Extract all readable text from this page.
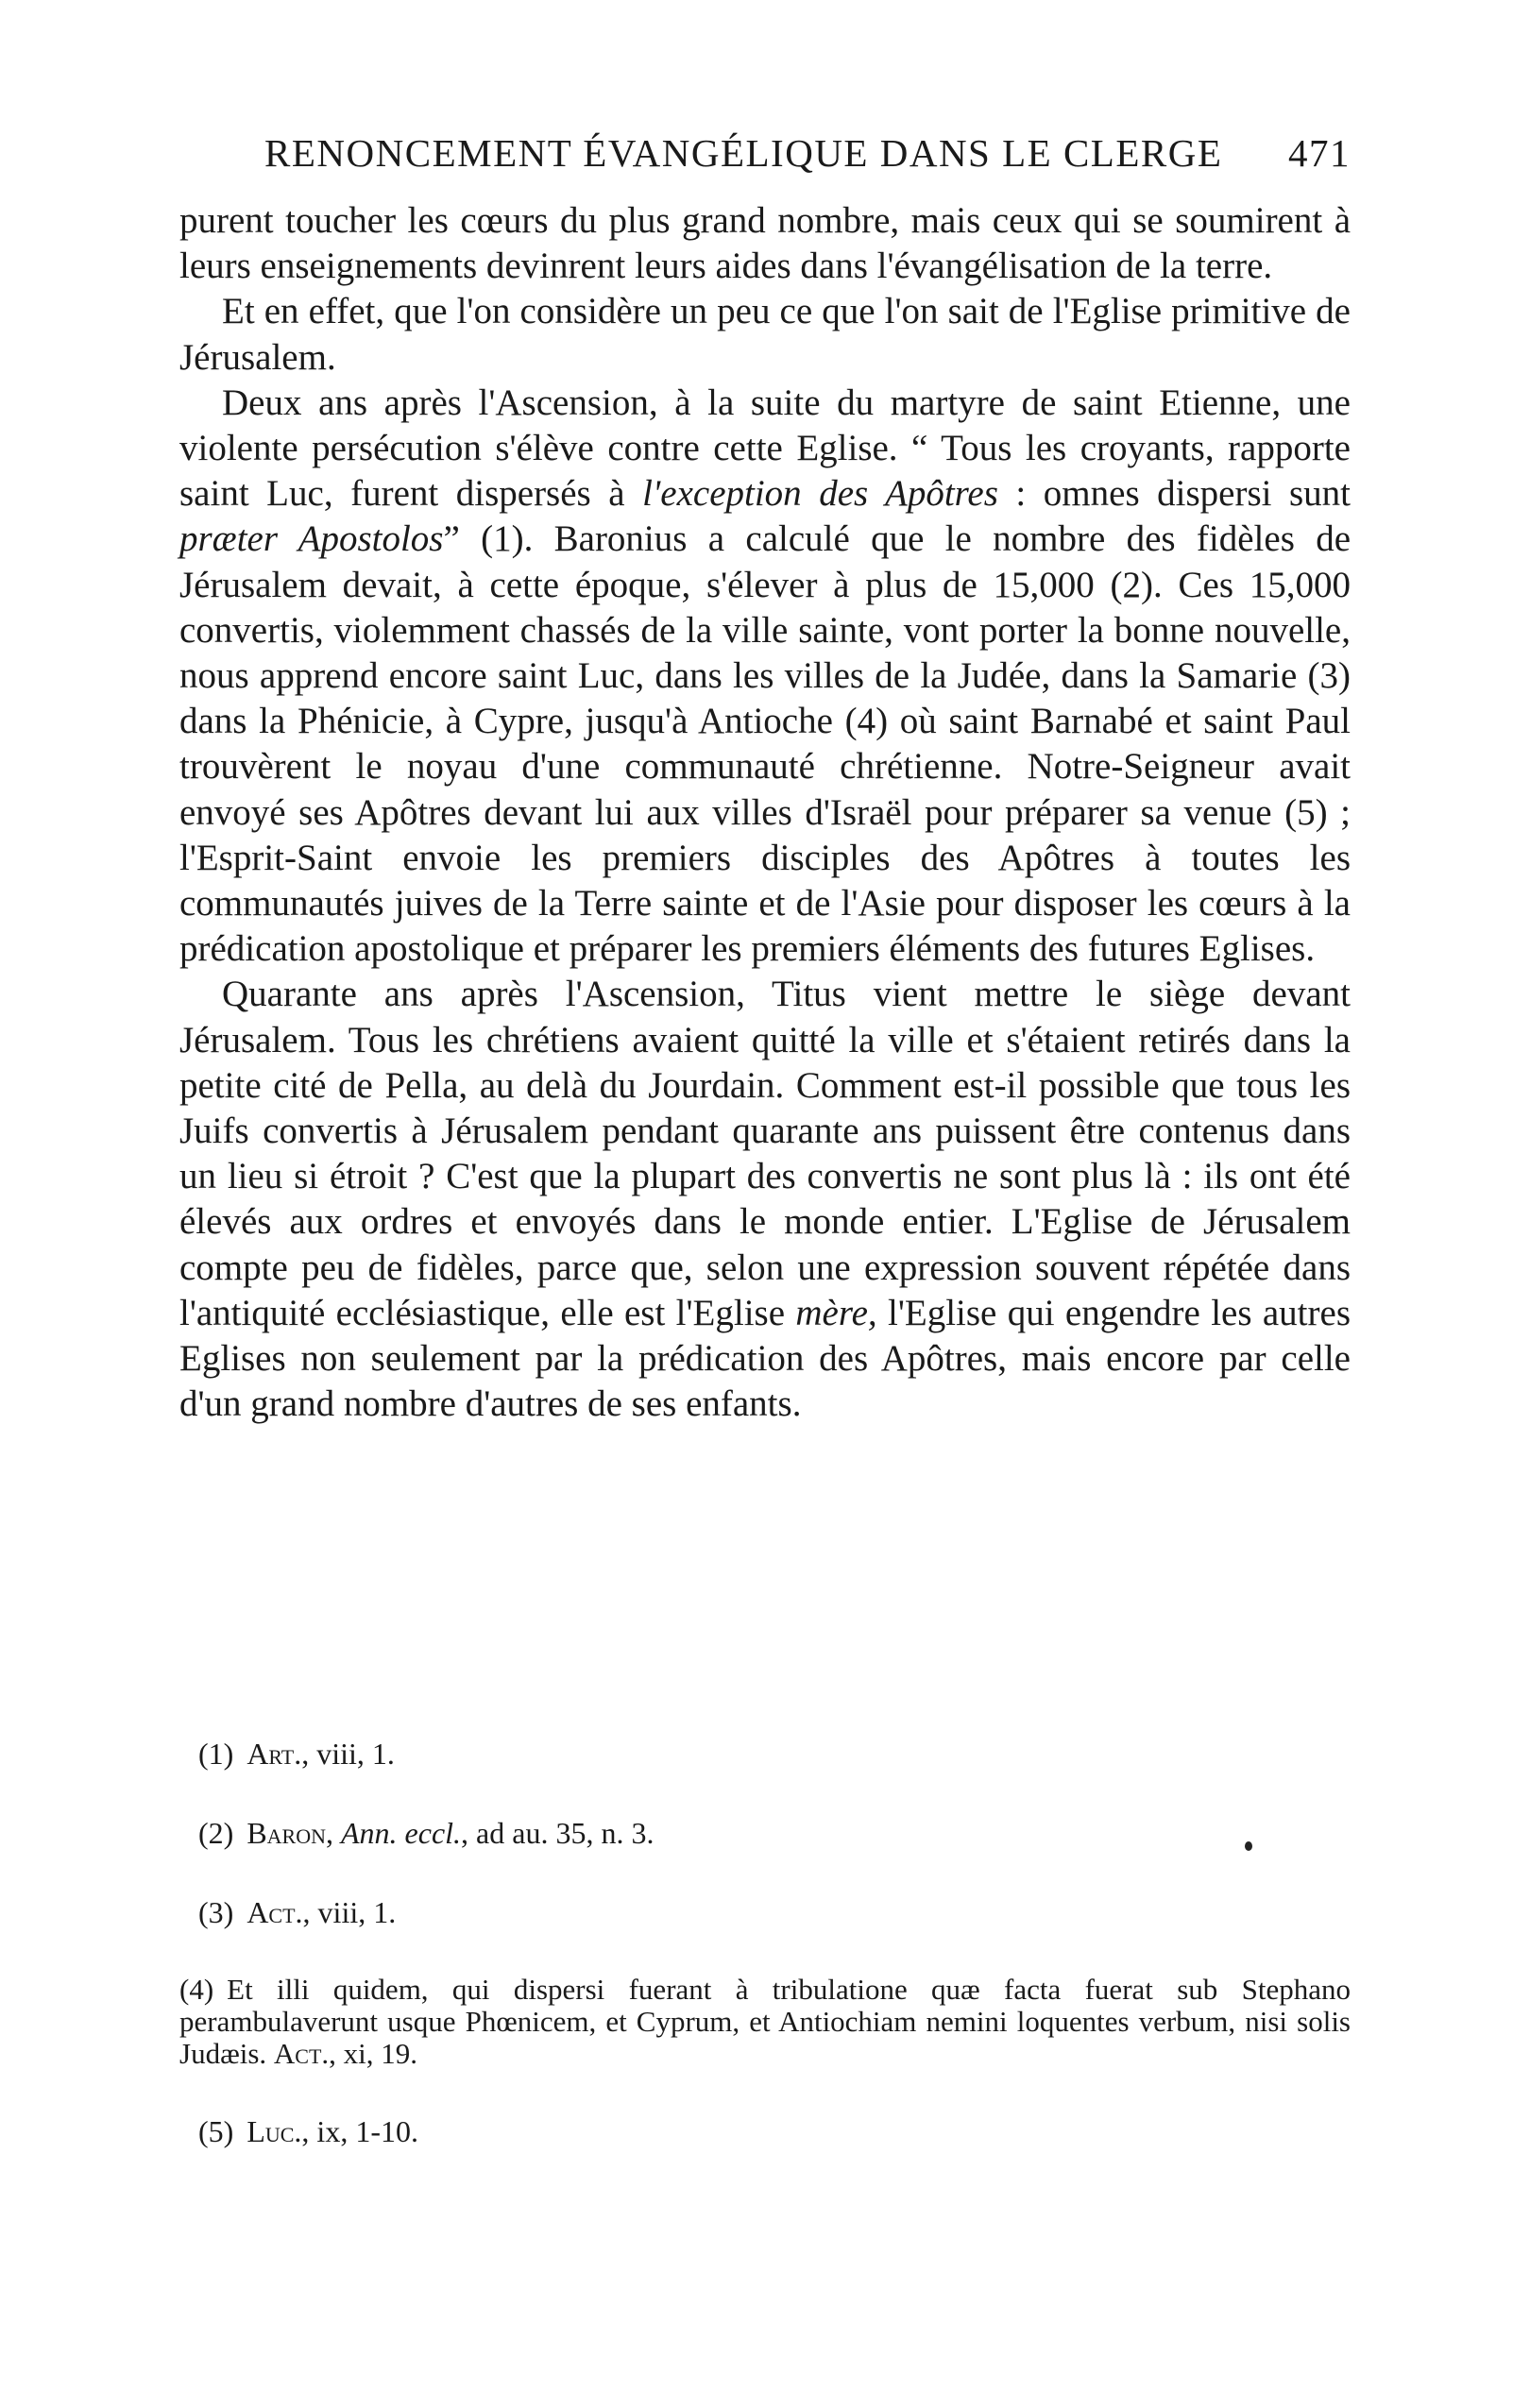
RENONCEMENT ÉVANGÉLIQUE DANS LE CLERGE 471

purent toucher les cœurs du plus grand nombre, mais ceux qui se soumirent à leurs enseignements devinrent leurs aides dans l'évangélisation de la terre.

Et en effet, que l'on considère un peu ce que l'on sait de l'Eglise primitive de Jérusalem.

Deux ans après l'Ascension, à la suite du martyre de saint Etienne, une violente persécution s'élève contre cette Eglise. “ Tous les croyants, rapporte saint Luc, furent dispersés à l'exception des Apôtres : omnes dispersi sunt præter Apostolos” (1). Baronius a calculé que le nombre des fidèles de Jérusalem devait, à cette époque, s'élever à plus de 15,000 (2). Ces 15,000 convertis, violemment chassés de la ville sainte, vont porter la bonne nouvelle, nous apprend encore saint Luc, dans les villes de la Judée, dans la Samarie (3) dans la Phénicie, à Cypre, jusqu'à Antioche (4) où saint Barnabé et saint Paul trouvèrent le noyau d'une communauté chrétienne. Notre-Seigneur avait envoyé ses Apôtres devant lui aux villes d'Israël pour préparer sa venue (5) ; l'Esprit-Saint envoie les premiers disciples des Apôtres à toutes les communautés juives de la Terre sainte et de l'Asie pour disposer les cœurs à la prédication apostolique et préparer les premiers éléments des futures Eglises.

Quarante ans après l'Ascension, Titus vient mettre le siège devant Jérusalem. Tous les chrétiens avaient quitté la ville et s'étaient retirés dans la petite cité de Pella, au delà du Jourdain. Comment est-il possible que tous les Juifs convertis à Jérusalem pendant quarante ans puissent être contenus dans un lieu si étroit ? C'est que la plupart des convertis ne sont plus là : ils ont été élevés aux ordres et envoyés dans le monde entier. L'Eglise de Jérusalem compte peu de fidèles, parce que, selon une expression souvent répétée dans l'antiquité ecclésiastique, elle est l'Eglise mère, l'Eglise qui engendre les autres Eglises non seulement par la prédication des Apôtres, mais encore par celle d'un grand nombre d'autres de ses enfants.

(1) Art., viii, 1.

(2) Baron, Ann. eccl., ad au. 35, n. 3.

(3) Act., viii, 1.

(4) Et illi quidem, qui dispersi fuerant à tribulatione quæ facta fuerat sub Stephano perambulaverunt usque Phœnicem, et Cyprum, et Antiochiam nemini loquentes verbum, nisi solis Judæis. Act., xi, 19.

(5) Luc., ix, 1-10.
